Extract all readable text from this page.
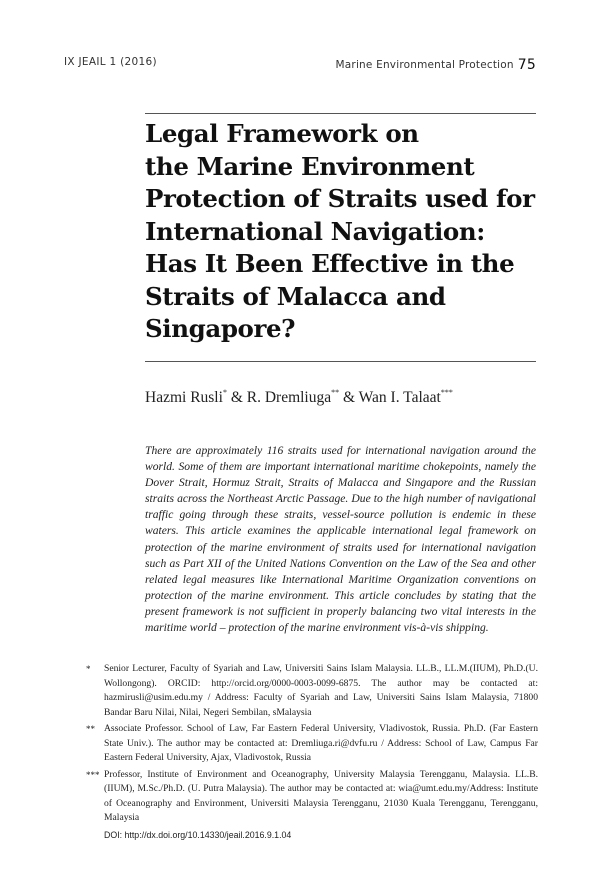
IX JEAIL 1 (2016)	Marine Environmental Protection 75
Legal Framework on
the Marine Environment
Protection of Straits used for
International Navigation:
Has It Been Effective in the
Straits of Malacca and
Singapore?
Hazmi Rusli* & R. Dremliuga** & Wan I. Talaat***

There are approximately 116 straits used for international navigation around the world. Some of them are important international maritime chokepoints, namely the Dover Strait, Hormuz Strait, Straits of Malacca and Singapore and the Russian straits across the Northeast Arctic Passage. Due to the high number of navigational traffic going through these straits, vessel-source pollution is endemic in these waters. This article examines the applicable international legal framework on protection of the marine environment of straits used for international navigation such as Part XII of the United Nations Convention on the Law of the Sea and other related legal measures like International Maritime Organization conventions on protection of the marine environment. This article concludes by stating that the present framework is not sufficient in properly balancing two vital interests in the maritime world – protection of the marine environment vis-à-vis shipping.

* Senior Lecturer, Faculty of Syariah and Law, Universiti Sains Islam Malaysia. LL.B., LL.M.(IIUM), Ph.D.(U. Wollongong). ORCID: http://orcid.org/0000-0003-0099-6875. The author may be contacted at: hazmirusli@usim.edu.my / Address: Faculty of Syariah and Law, Universiti Sains Islam Malaysia, 71800 Bandar Baru Nilai, Nilai, Negeri Sembilan, sMalaysia
** Associate Professor. School of Law, Far Eastern Federal University, Vladivostok, Russia. Ph.D. (Far Eastern State Univ.). The author may be contacted at: Dremliuga.ri@dvfu.ru / Address: School of Law, Campus Far Eastern Federal University, Ajax, Vladivostok, Russia
*** Professor, Institute of Environment and Oceanography, University Malaysia Terengganu, Malaysia. LL.B.(IIUM), M.Sc./Ph.D. (U. Putra Malaysia). The author may be contacted at: wia@umt.edu.my/Address: Institute of Oceanography and Environment, Universiti Malaysia Terengganu, 21030 Kuala Terengganu, Terengganu, Malaysia
DOI: http://dx.doi.org/10.14330/jeail.2016.9.1.04
